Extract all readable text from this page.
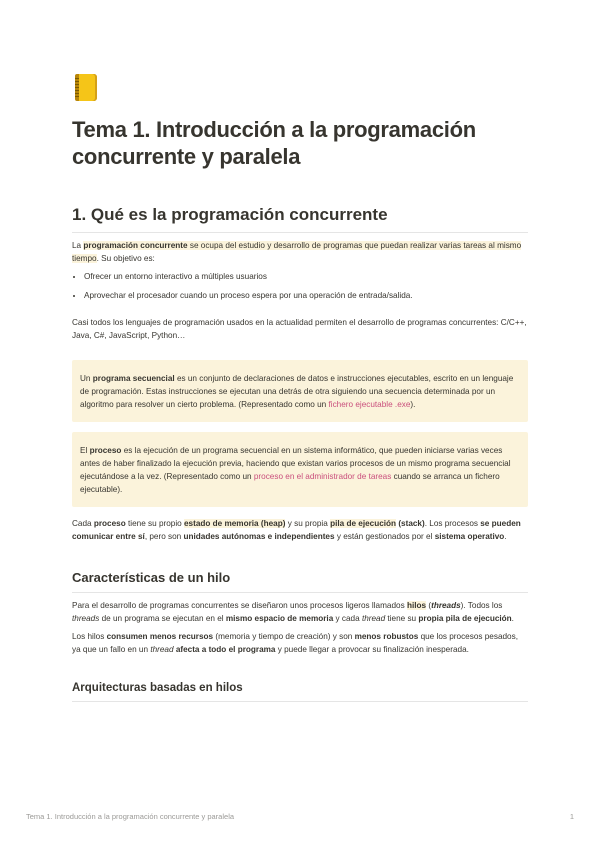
Tema 1. Introducción a la programación concurrente y paralela
1. Qué es la programación concurrente

La programación concurrente se ocupa del estudio y desarrollo de programas que puedan realizar varias tareas al mismo tiempo. Su objetivo es:

• Ofrecer un entorno interactivo a múltiples usuarios
• Aprovechar el procesador cuando un proceso espera por una operación de entrada/salida.

Casi todos los lenguajes de programación usados en la actualidad permiten el desarrollo de programas concurrentes: C/C++, Java, C#, JavaScript, Python…

Un programa secuencial es un conjunto de declaraciones de datos e instrucciones ejecutables, escrito en un lenguaje de programación. Estas instrucciones se ejecutan una detrás de otra siguiendo una secuencia determinada por un algoritmo para resolver un cierto problema. (Representado como un fichero ejecutable .exe).

El proceso es la ejecución de un programa secuencial en un sistema informático, que pueden iniciarse varias veces antes de haber finalizado la ejecución previa, haciendo que existan varios procesos de un mismo programa secuencial ejecutándose a la vez. (Representado como un proceso en el administrador de tareas cuando se arranca un fichero ejecutable).

Cada proceso tiene su propio estado de memoria (heap) y su propia pila de ejecución (stack). Los procesos se pueden comunicar entre sí, pero son unidades autónomas e independientes y están gestionados por el sistema operativo.

Características de un hilo

Para el desarrollo de programas concurrentes se diseñaron unos procesos ligeros llamados hilos (threads). Todos los threads de un programa se ejecutan en el mismo espacio de memoria y cada thread tiene su propia pila de ejecución.

Los hilos consumen menos recursos (memoria y tiempo de creación) y son menos robustos que los procesos pesados, ya que un fallo en un thread afecta a todo el programa y puede llegar a provocar su finalización inesperada.

Arquitecturas basadas en hilos
Tema 1. Introducción a la programación concurrente y paralela	1
